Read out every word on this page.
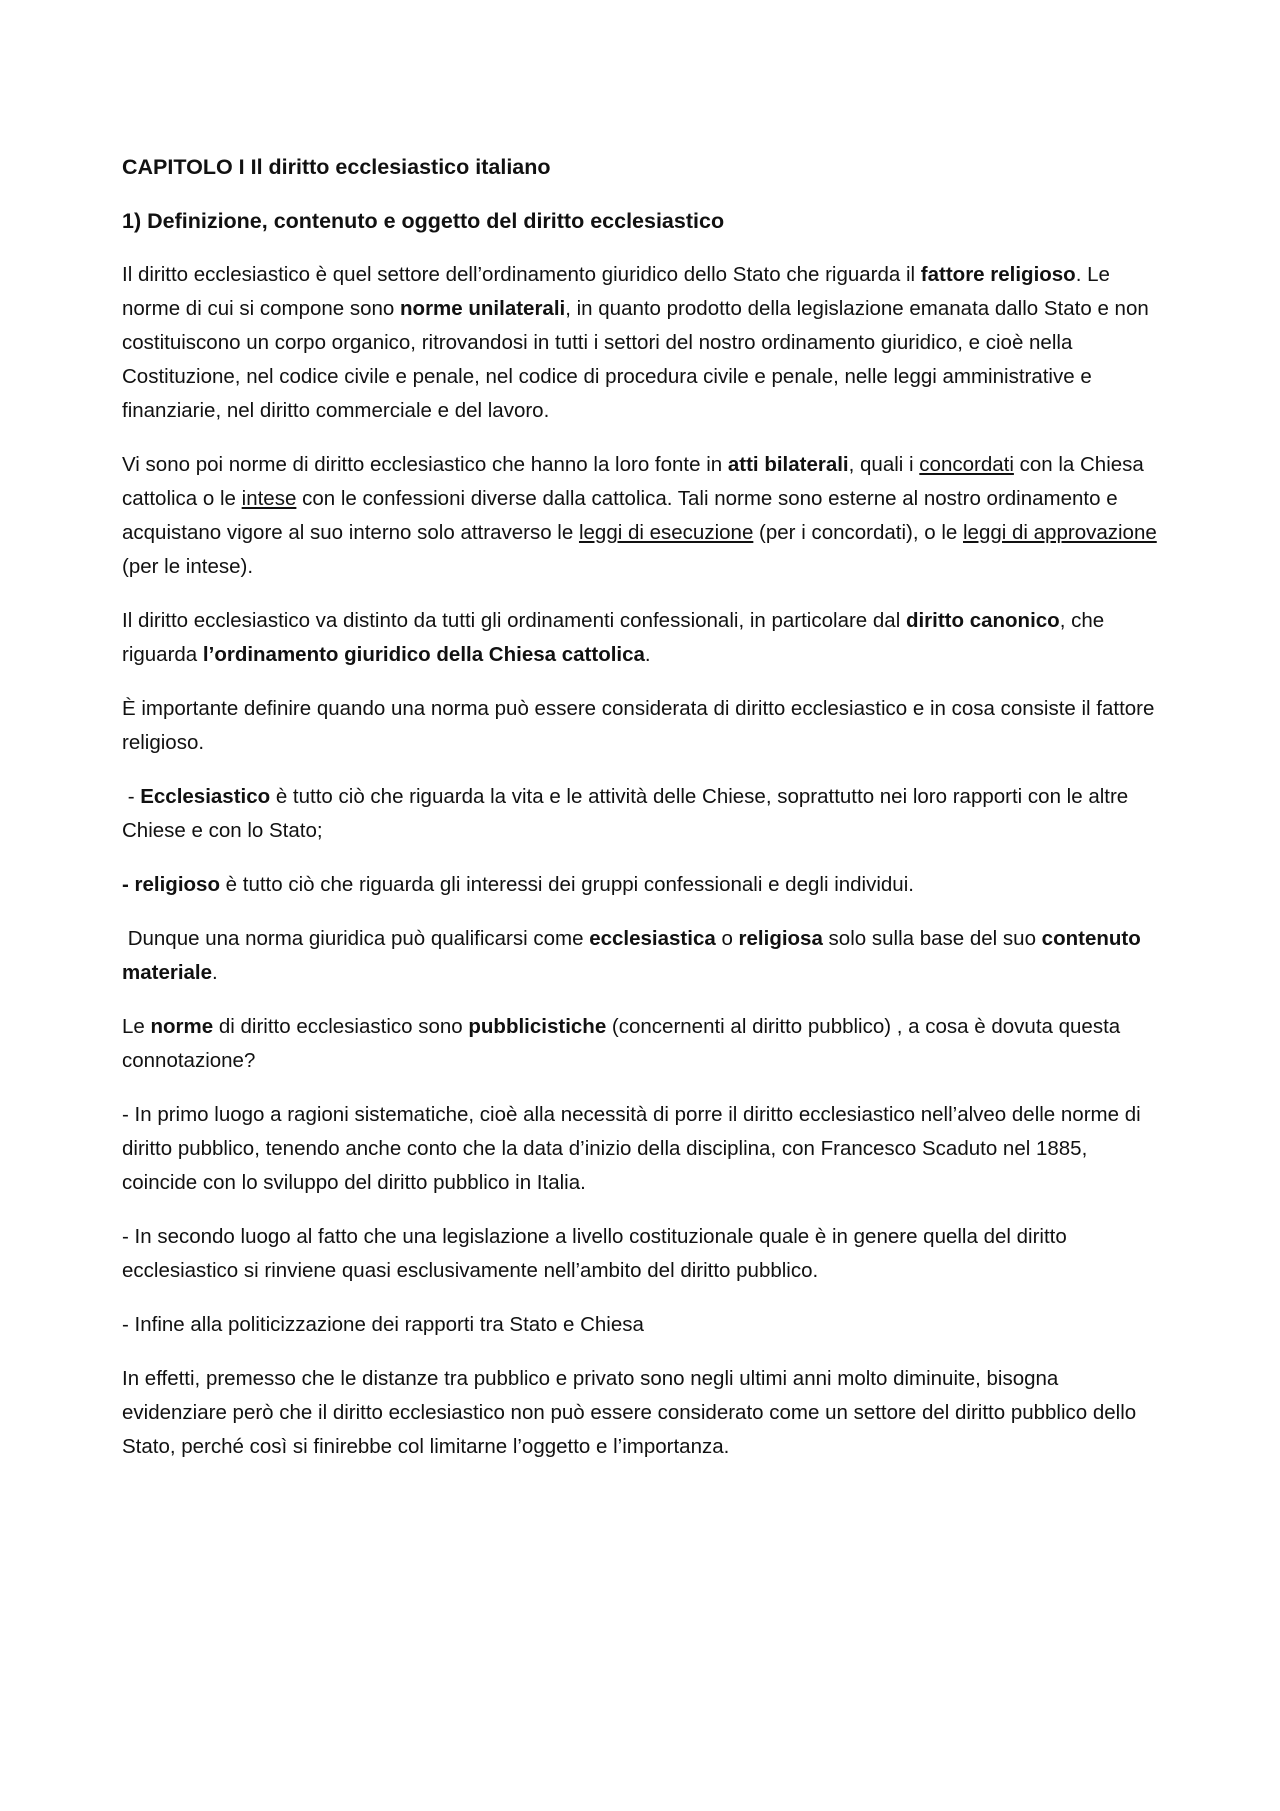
CAPITOLO I Il diritto ecclesiastico italiano
1) Definizione, contenuto e oggetto del diritto ecclesiastico

Il diritto ecclesiastico è quel settore dell’ordinamento giuridico dello Stato che riguarda il fattore religioso. Le norme di cui si compone sono norme unilaterali, in quanto prodotto della legislazione emanata dallo Stato e non costituiscono un corpo organico, ritrovandosi in tutti i settori del nostro ordinamento giuridico, e cioè nella Costituzione, nel codice civile e penale, nel codice di procedura civile e penale, nelle leggi amministrative e finanziarie, nel diritto commerciale e del lavoro.

Vi sono poi norme di diritto ecclesiastico che hanno la loro fonte in atti bilaterali, quali i concordati con la Chiesa cattolica o le intese con le confessioni diverse dalla cattolica. Tali norme sono esterne al nostro ordinamento e acquistano vigore al suo interno solo attraverso le leggi di esecuzione (per i concordati), o le leggi di approvazione (per le intese).

Il diritto ecclesiastico va distinto da tutti gli ordinamenti confessionali, in particolare dal diritto canonico, che riguarda l’ordinamento giuridico della Chiesa cattolica.

È importante definire quando una norma può essere considerata di diritto ecclesiastico e in cosa consiste il fattore religioso.

- Ecclesiastico è tutto ciò che riguarda la vita e le attività delle Chiese, soprattutto nei loro rapporti con le altre Chiese e con lo Stato;

- religioso è tutto ciò che riguarda gli interessi dei gruppi confessionali e degli individui.

Dunque una norma giuridica può qualificarsi come ecclesiastica o religiosa solo sulla base del suo contenuto materiale.

Le norme di diritto ecclesiastico sono pubblicistiche (concernenti al diritto pubblico) , a cosa è dovuta questa connotazione?

- In primo luogo a ragioni sistematiche, cioè alla necessità di porre il diritto ecclesiastico nell’alveo delle norme di diritto pubblico, tenendo anche conto che la data d’inizio della disciplina, con Francesco Scaduto nel 1885, coincide con lo sviluppo del diritto pubblico in Italia.

- In secondo luogo al fatto che una legislazione a livello costituzionale quale è in genere quella del diritto ecclesiastico si rinviene quasi esclusivamente nell’ambito del diritto pubblico.

- Infine alla politicizzazione dei rapporti tra Stato e Chiesa

In effetti, premesso che le distanze tra pubblico e privato sono negli ultimi anni molto diminuite, bisogna evidenziare però che il diritto ecclesiastico non può essere considerato come un settore del diritto pubblico dello Stato, perché così si finirebbe col limitarne l’oggetto e l’importanza.
